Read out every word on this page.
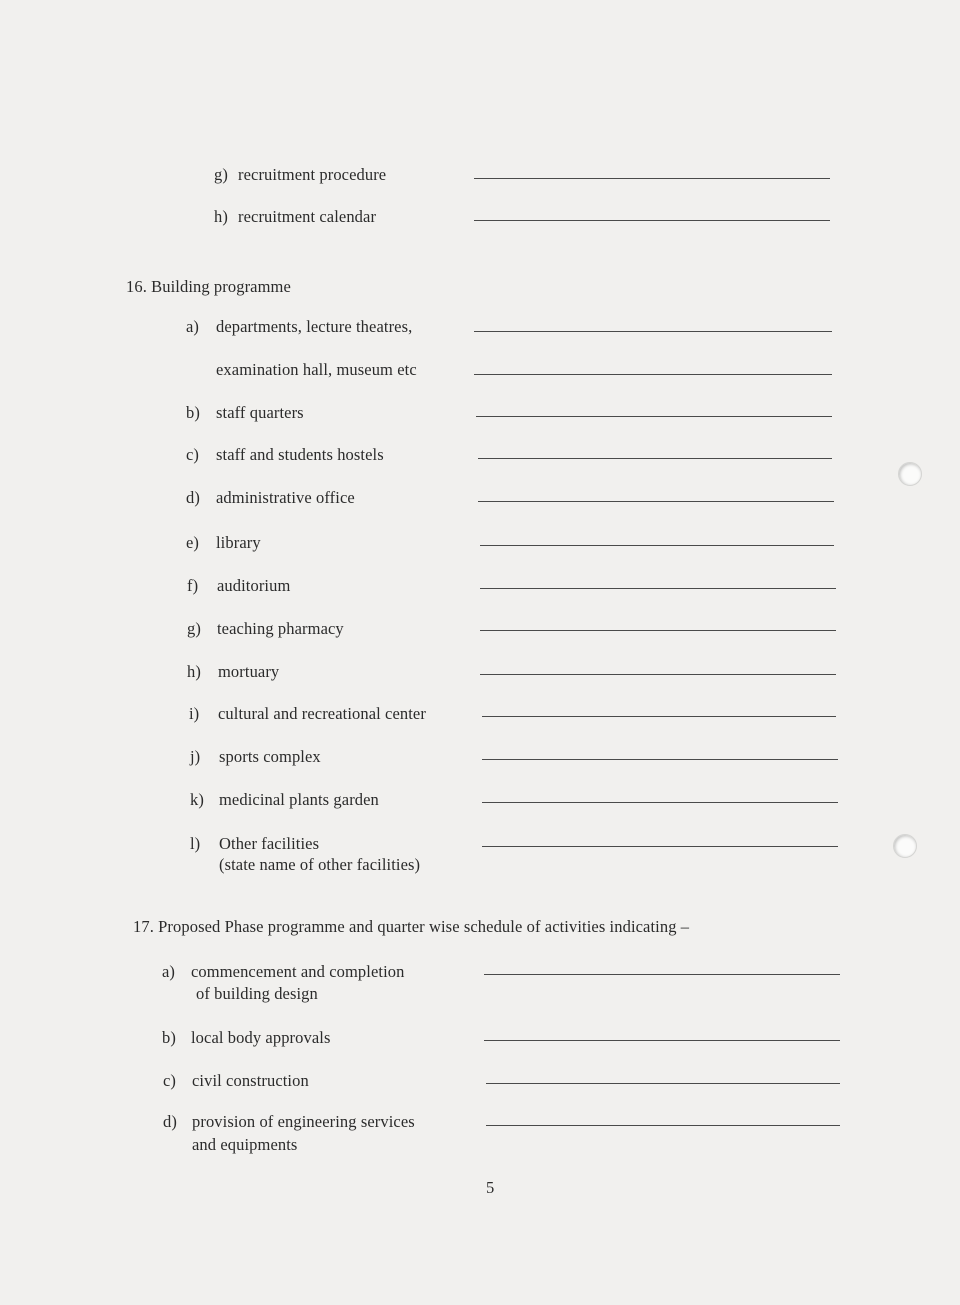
g) recruitment procedure
h) recruitment calendar
16. Building programme
a) departments, lecture theatres,
examination hall, museum etc
b) staff quarters
c) staff and students hostels
d) administrative office
e) library
f) auditorium
g) teaching pharmacy
h) mortuary
i) cultural and recreational center
j) sports complex
k) medicinal plants garden
l) Other facilities
(state name of other facilities)
17. Proposed Phase programme and quarter wise schedule of activities indicating –
a) commencement and completion
of building design
b) local body approvals
c) civil construction
d) provision of engineering services
and equipments
5
